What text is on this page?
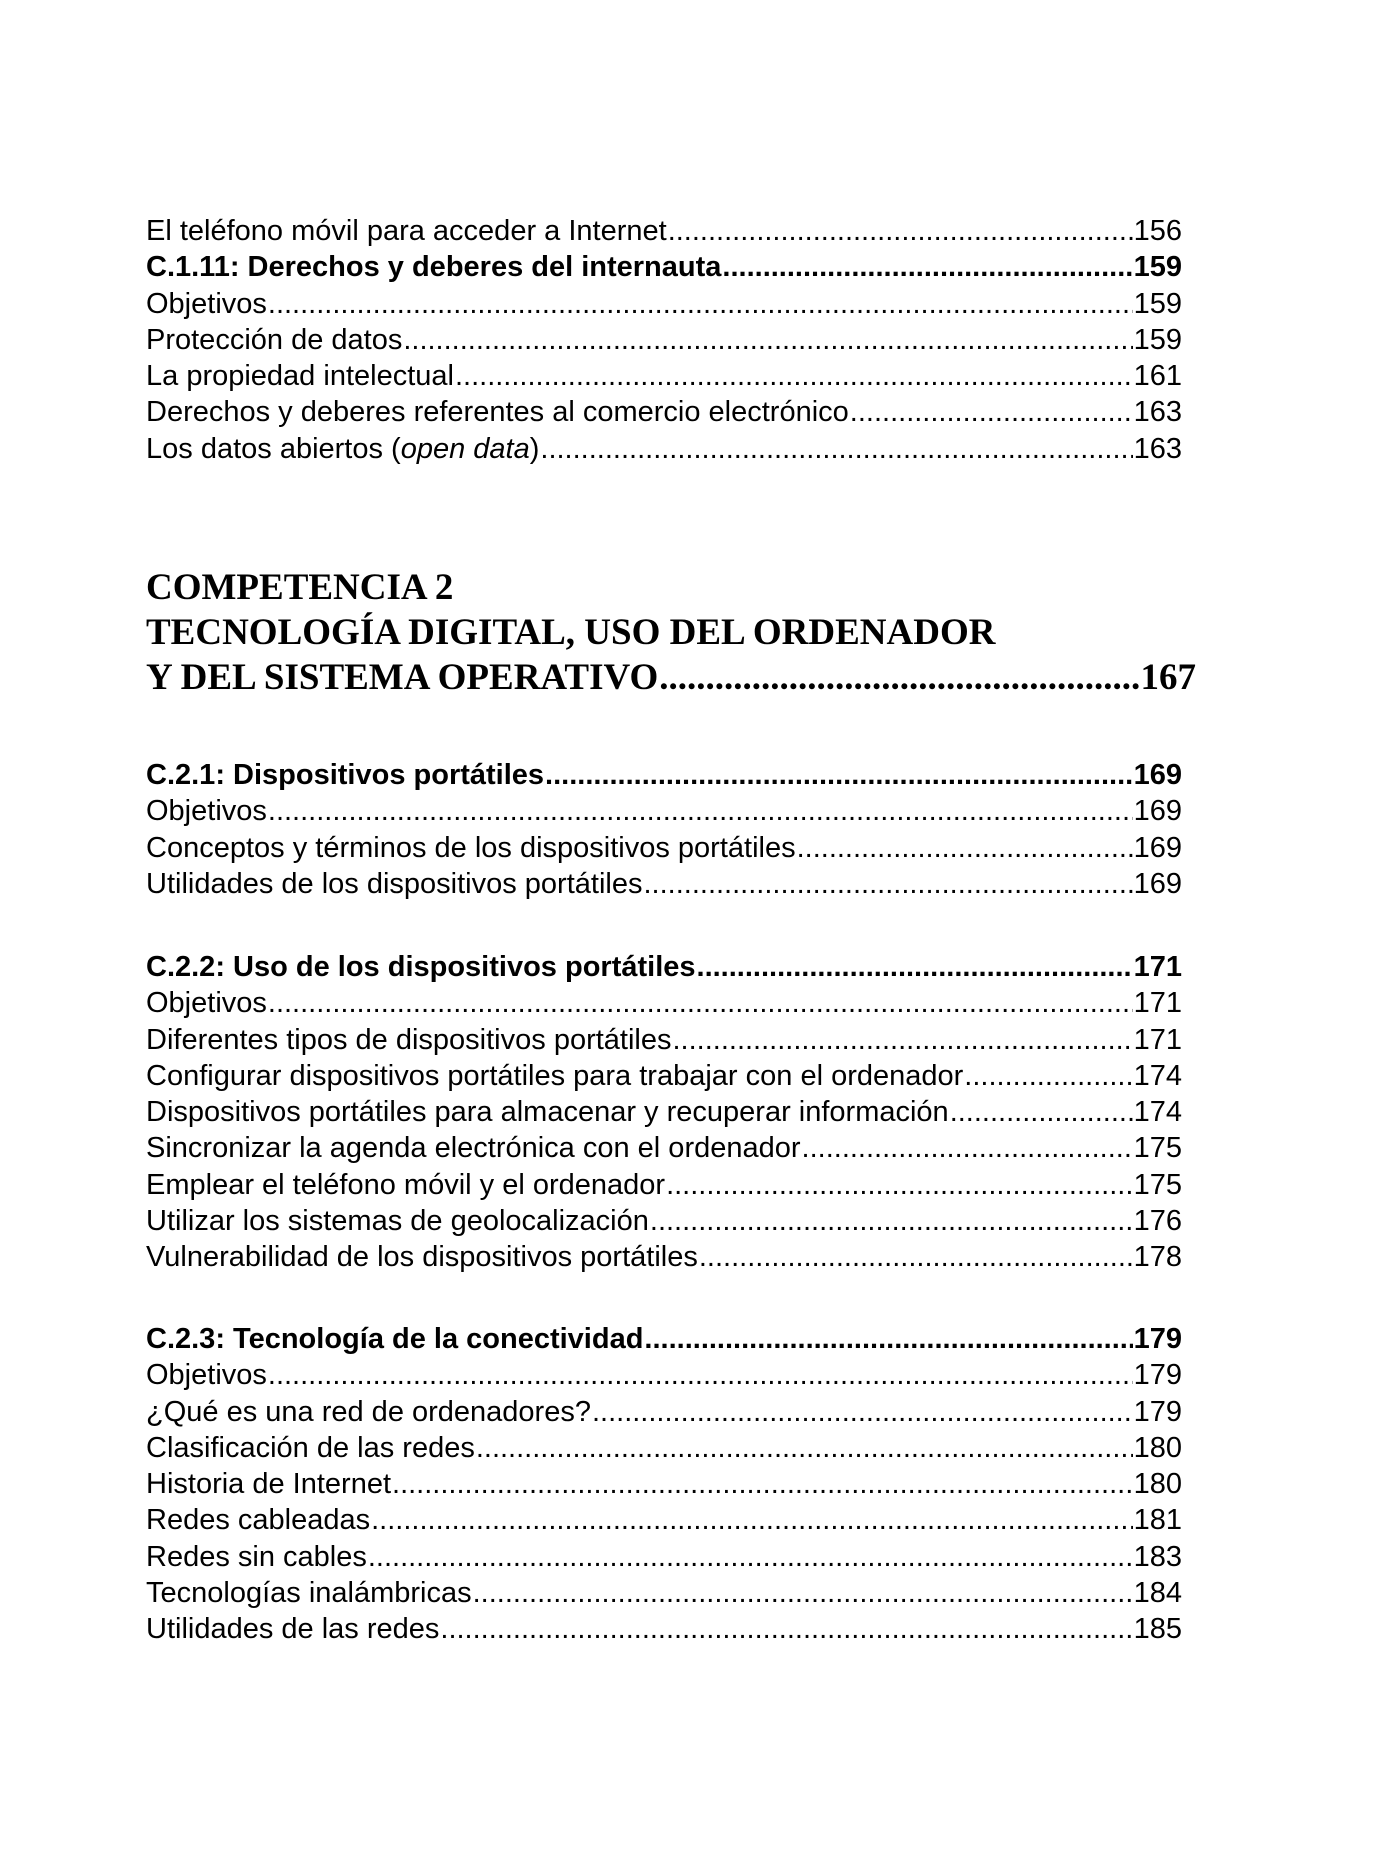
El teléfono móvil para acceder a Internet .....	156
C.1.11: Derechos y deberes del internauta .....	159
Objetivos .....	159
Protección de datos .....	159
La propiedad intelectual .....	161
Derechos y deberes referentes al comercio electrónico .....	163
Los datos abiertos (open data) .....	163
COMPETENCIA 2
TECNOLOGÍA DIGITAL, USO DEL ORDENADOR
Y DEL SISTEMA OPERATIVO .....	167
C.2.1: Dispositivos portátiles .....	169
Objetivos .....	169
Conceptos y términos de los dispositivos portátiles .....	169
Utilidades de los dispositivos portátiles .....	169
C.2.2: Uso de los dispositivos portátiles .....	171
Objetivos .....	171
Diferentes tipos de dispositivos portátiles .....	171
Configurar dispositivos portátiles para trabajar con el ordenador .....	174
Dispositivos portátiles para almacenar y recuperar información .....	174
Sincronizar la agenda electrónica con el ordenador .....	175
Emplear el teléfono móvil y el ordenador .....	175
Utilizar los sistemas de geolocalización .....	176
Vulnerabilidad de los dispositivos portátiles .....	178
C.2.3: Tecnología de la conectividad .....	179
Objetivos .....	179
¿Qué es una red de ordenadores? .....	179
Clasificación de las redes .....	180
Historia de Internet .....	180
Redes cableadas .....	181
Redes sin cables .....	183
Tecnologías inalámbricas .....	184
Utilidades de las redes .....	185
